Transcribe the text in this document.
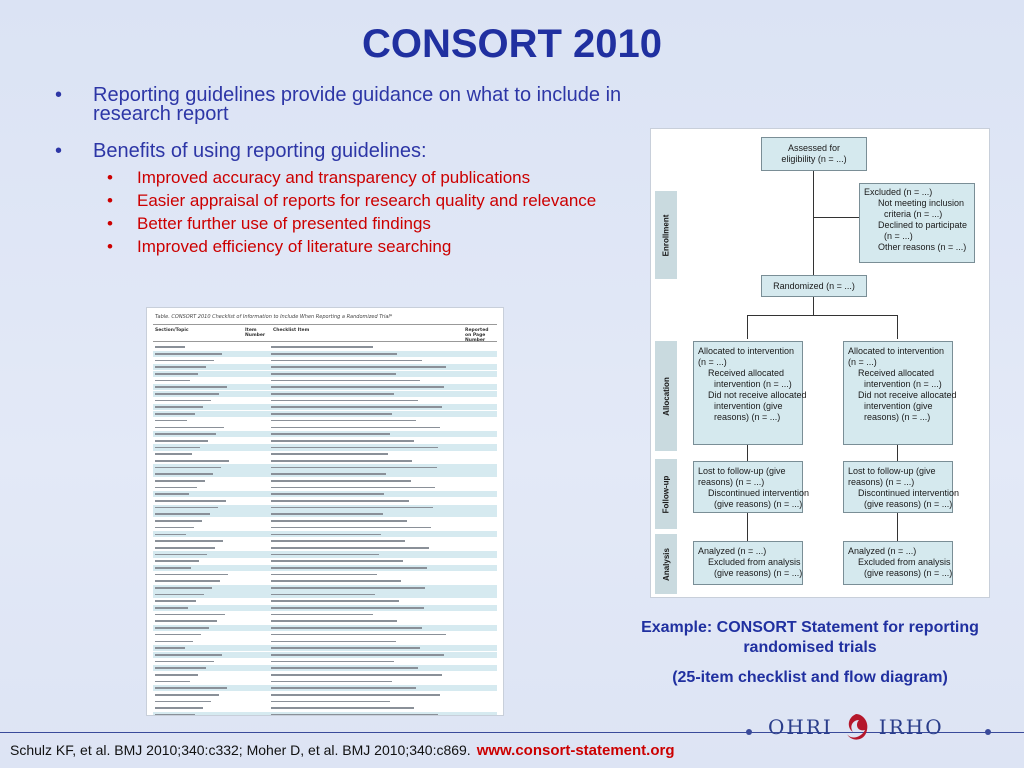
CONSORT 2010
• Reporting guidelines provide guidance on what to include in research report
• Benefits of using reporting guidelines:
• Improved accuracy and transparency of publications
• Easier appraisal of reports for research quality and relevance
• Better further use of presented findings
• Improved efficiency of literature searching
Table. CONSORT 2010 Checklist of Information to Include When Reporting a Randomized Trial*
Section/Topic	Item Number
Checklist Item	Reported on Page Number
Enrollment
Allocation
Follow-up
Analysis
Assessed for
eligibility (n = ...)
Excluded (n = ...)
Not meeting inclusion
criteria (n = ...)
Declined to participate
(n = ...)
Other reasons (n = ...)
Randomized (n = ...)
Allocated to intervention
(n = ...)
Received allocated
intervention (n = ...)
Did not receive allocated
intervention (give
reasons) (n = ...)
Allocated to intervention
(n = ...)
Received allocated
intervention (n = ...)
Did not receive allocated
intervention (give
reasons) (n = ...)
Lost to follow-up (give
reasons) (n = ...)
Discontinued intervention
(give reasons) (n = ...)
Lost to follow-up (give
reasons) (n = ...)
Discontinued intervention
(give reasons) (n = ...)
Analyzed (n = ...)
Excluded from analysis
(give reasons) (n = ...)
Analyzed (n = ...)
Excluded from analysis
(give reasons) (n = ...)
Example: CONSORT Statement for reporting randomised trials
(25-item checklist and flow diagram)
OHRI IRHO
Schulz KF, et al. BMJ 2010;340:c332; Moher D, et al. BMJ 2010;340:c869. www.consort-statement.org
